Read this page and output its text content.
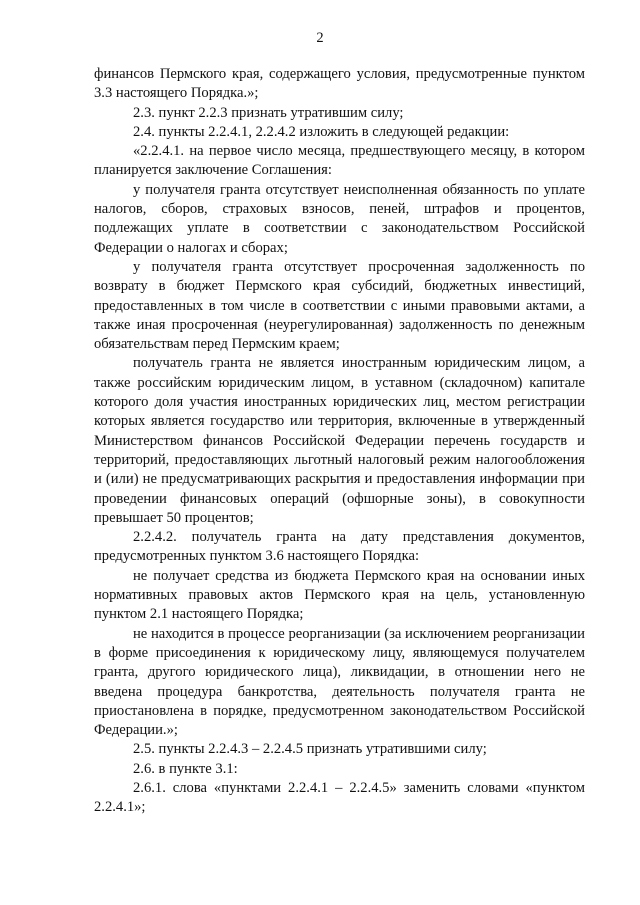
2

финансов Пермского края, содержащего условия, предусмотренные пунктом 3.3 настоящего Порядка.»;

2.3. пункт 2.2.3 признать утратившим силу;

2.4. пункты 2.2.4.1, 2.2.4.2 изложить в следующей редакции:

«2.2.4.1. на первое число месяца, предшествующего месяцу, в котором планируется заключение Соглашения:

у получателя гранта отсутствует неисполненная обязанность по уплате налогов, сборов, страховых взносов, пеней, штрафов и процентов, подлежащих уплате в соответствии с законодательством Российской Федерации о налогах и сборах;

у получателя гранта отсутствует просроченная задолженность по возврату в бюджет Пермского края субсидий, бюджетных инвестиций, предоставленных в том числе в соответствии с иными правовыми актами, а также иная просроченная (неурегулированная) задолженность по денежным обязательствам перед Пермским краем;

получатель гранта не является иностранным юридическим лицом, а также российским юридическим лицом, в уставном (складочном) капитале которого доля участия иностранных юридических лиц, местом регистрации которых является государство или территория, включенные в утвержденный Министерством финансов Российской Федерации перечень государств и территорий, предоставляющих льготный налоговый режим налогообложения и (или) не предусматривающих раскрытия и предоставления информации при проведении финансовых операций (офшорные зоны), в совокупности превышает 50 процентов;

2.2.4.2. получатель гранта на дату представления документов, предусмотренных пунктом 3.6 настоящего Порядка:

не получает средства из бюджета Пермского края на основании иных нормативных правовых актов Пермского края на цель, установленную пунктом 2.1 настоящего Порядка;

не находится в процессе реорганизации (за исключением реорганизации в форме присоединения к юридическому лицу, являющемуся получателем гранта, другого юридического лица), ликвидации, в отношении него не введена процедура банкротства, деятельность получателя гранта не приостановлена в порядке, предусмотренном законодательством Российской Федерации.»;

2.5. пункты 2.2.4.3 – 2.2.4.5 признать утратившими силу;

2.6. в пункте 3.1:

2.6.1. слова «пунктами 2.2.4.1 – 2.2.4.5» заменить словами «пунктом 2.2.4.1»;
